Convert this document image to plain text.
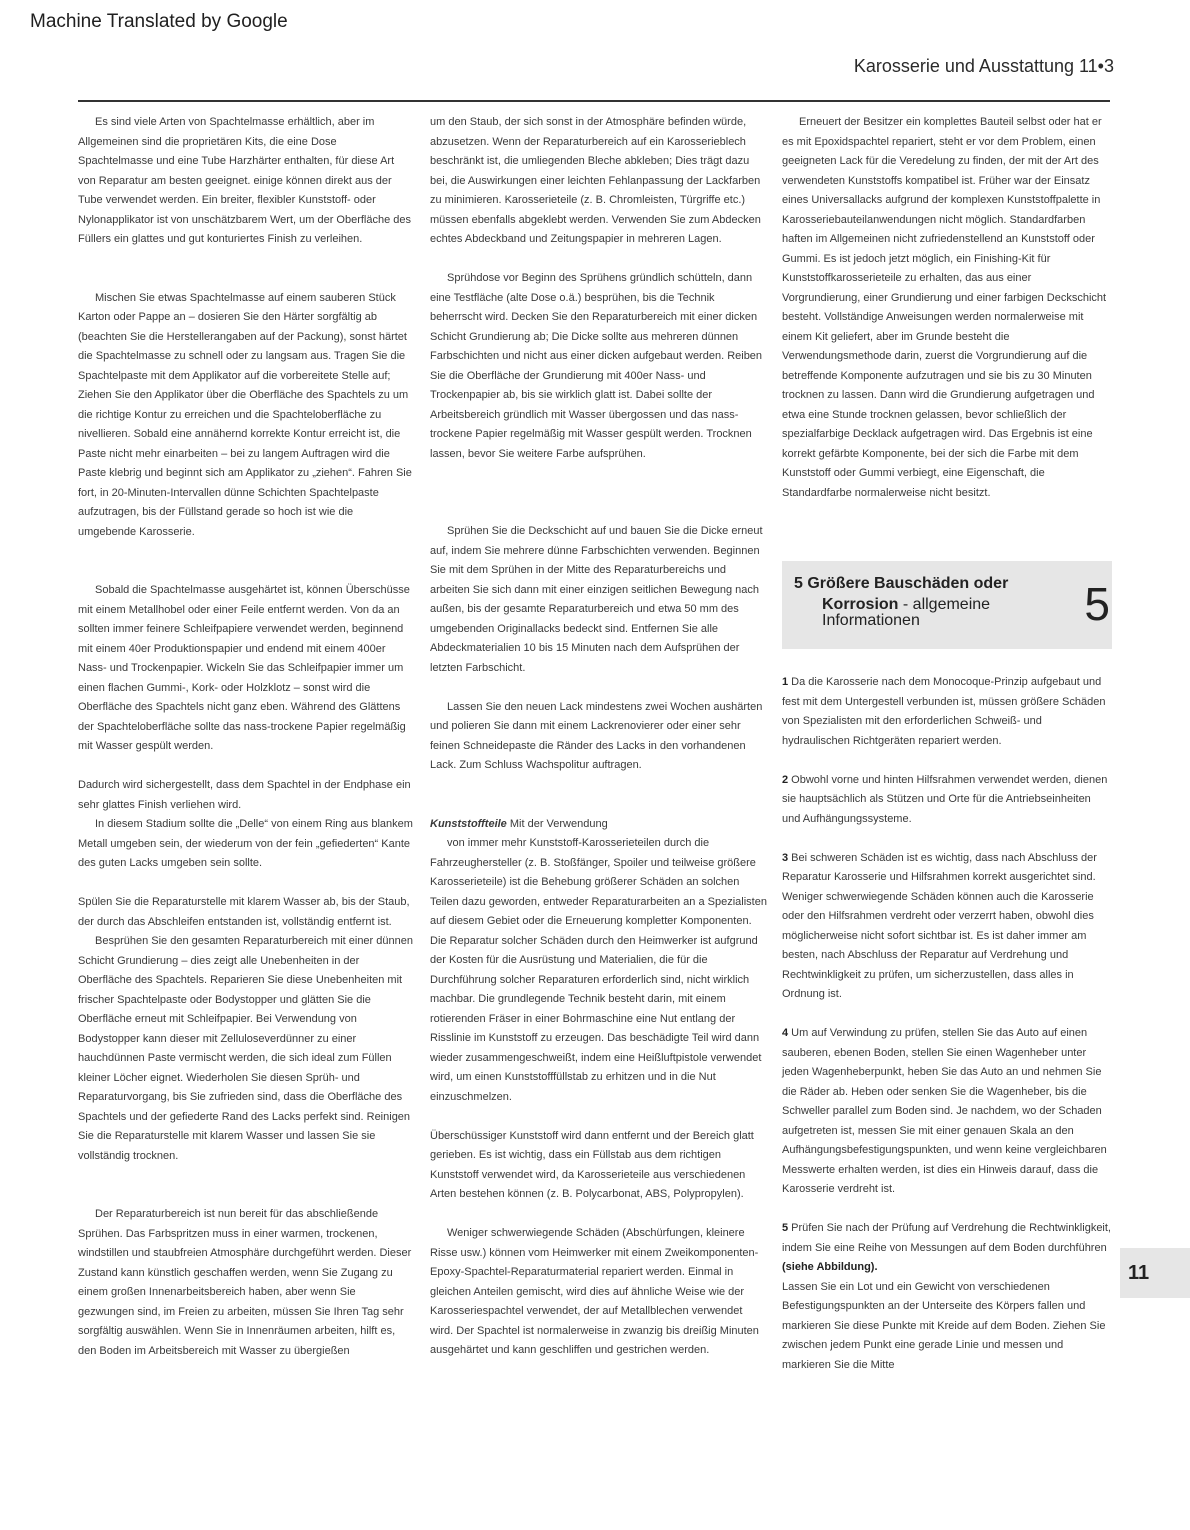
Machine Translated by Google
Karosserie und Ausstattung 11•3

Es sind viele Arten von Spachtelmasse erhältlich, aber im Allgemeinen sind die proprietären Kits, die eine Dose Spachtelmasse und eine Tube Harzhärter enthalten, für diese Art von Reparatur am besten geeignet. einige können direkt aus der Tube verwendet werden. Ein breiter, flexibler Kunststoff- oder Nylonapplikator ist von unschätzbarem Wert, um der Oberfläche des Füllers ein glattes und gut konturiertes Finish zu verleihen.

Mischen Sie etwas Spachtelmasse auf einem sauberen Stück Karton oder Pappe an – dosieren Sie den Härter sorgfältig ab (beachten Sie die Herstellerangaben auf der Packung), sonst härtet die Spachtelmasse zu schnell oder zu langsam aus. Tragen Sie die Spachtelpaste mit dem Applikator auf die vorbereitete Stelle auf; Ziehen Sie den Applikator über die Oberfläche des Spachtels zu um die richtige Kontur zu erreichen und die Spachteloberfläche zu nivellieren. Sobald eine annähernd korrekte Kontur erreicht ist, die Paste nicht mehr einarbeiten – bei zu langem Auftragen wird die Paste klebrig und beginnt sich am Applikator zu „ziehen“. Fahren Sie fort, in 20-Minuten-Intervallen dünne Schichten Spachtelpaste aufzutragen, bis der Füllstand gerade so hoch ist wie die umgebende Karosserie.

Sobald die Spachtelmasse ausgehärtet ist, können Überschüsse mit einem Metallhobel oder einer Feile entfernt werden. Von da an sollten immer feinere Schleifpapiere verwendet werden, beginnend mit einem 40er Produktionspapier und endend mit einem 400er Nass- und Trockenpapier. Wickeln Sie das Schleifpapier immer um einen flachen Gummi-, Kork- oder Holzklotz – sonst wird die Oberfläche des Spachtels nicht ganz eben. Während des Glättens der Spachteloberfläche sollte das nass-trockene Papier regelmäßig mit Wasser gespült werden.

Dadurch wird sichergestellt, dass dem Spachtel in der Endphase ein sehr glattes Finish verliehen wird.

In diesem Stadium sollte die „Delle“ von einem Ring aus blankem Metall umgeben sein, der wiederum von der fein „gefiederten“ Kante des guten Lacks umgeben sein sollte.

Spülen Sie die Reparaturstelle mit klarem Wasser ab, bis der Staub, der durch das Abschleifen entstanden ist, vollständig entfernt ist.

Besprühen Sie den gesamten Reparaturbereich mit einer dünnen Schicht Grundierung – dies zeigt alle Unebenheiten in der Oberfläche des Spachtels. Reparieren Sie diese Unebenheiten mit frischer Spachtelpaste oder Bodystopper und glätten Sie die Oberfläche erneut mit Schleifpapier. Bei Verwendung von Bodystopper kann dieser mit Zelluloseverdünner zu einer hauchdünnen Paste vermischt werden, die sich ideal zum Füllen kleiner Löcher eignet. Wiederholen Sie diesen Sprüh- und Reparaturvorgang, bis Sie zufrieden sind, dass die Oberfläche des Spachtels und der gefiederte Rand des Lacks perfekt sind. Reinigen Sie die Reparaturstelle mit klarem Wasser und lassen Sie sie vollständig trocknen.

Der Reparaturbereich ist nun bereit für das abschließende Sprühen. Das Farbspritzen muss in einer warmen, trockenen, windstillen und staubfreien Atmosphäre durchgeführt werden. Dieser Zustand kann künstlich geschaffen werden, wenn Sie Zugang zu einem großen Innenarbeitsbereich haben, aber wenn Sie gezwungen sind, im Freien zu arbeiten, müssen Sie Ihren Tag sehr sorgfältig auswählen. Wenn Sie in Innenräumen arbeiten, hilft es, den Boden im Arbeitsbereich mit Wasser zu übergießen

um den Staub, der sich sonst in der Atmosphäre befinden würde, abzusetzen. Wenn der Reparaturbereich auf ein Karosserieblech beschränkt ist, die umliegenden Bleche abkleben; Dies trägt dazu bei, die Auswirkungen einer leichten Fehlanpassung der Lackfarben zu minimieren. Karosserieteile (z. B. Chromleisten, Türgriffe etc.) müssen ebenfalls abgeklebt werden. Verwenden Sie zum Abdecken echtes Abdeckband und Zeitungspapier in mehreren Lagen.

Sprühdose vor Beginn des Sprühens gründlich schütteln, dann eine Testfläche (alte Dose o.ä.) besprühen, bis die Technik beherrscht wird. Decken Sie den Reparaturbereich mit einer dicken Schicht Grundierung ab; Die Dicke sollte aus mehreren dünnen Farbschichten und nicht aus einer dicken aufgebaut werden. Reiben Sie die Oberfläche der Grundierung mit 400er Nass- und Trockenpapier ab, bis sie wirklich glatt ist. Dabei sollte der Arbeitsbereich gründlich mit Wasser übergossen und das nass-trockene Papier regelmäßig mit Wasser gespült werden. Trocknen lassen, bevor Sie weitere Farbe aufsprühen.

Sprühen Sie die Deckschicht auf und bauen Sie die Dicke erneut auf, indem Sie mehrere dünne Farbschichten verwenden. Beginnen Sie mit dem Sprühen in der Mitte des Reparaturbereichs und arbeiten Sie sich dann mit einer einzigen seitlichen Bewegung nach außen, bis der gesamte Reparaturbereich und etwa 50 mm des umgebenden Originallacks bedeckt sind. Entfernen Sie alle Abdeckmaterialien 10 bis 15 Minuten nach dem Aufsprühen der letzten Farbschicht.

Lassen Sie den neuen Lack mindestens zwei Wochen aushärten und polieren Sie dann mit einem Lackrenovierer oder einer sehr feinen Schneidepaste die Ränder des Lacks in den vorhandenen Lack. Zum Schluss Wachspolitur auftragen.

Kunststoffteile Mit der Verwendung

von immer mehr Kunststoff-Karosserieteilen durch die Fahrzeughersteller (z. B. Stoßfänger, Spoiler und teilweise größere Karosserieteile) ist die Behebung größerer Schäden an solchen Teilen dazu geworden, entweder Reparaturarbeiten an a Spezialisten auf diesem Gebiet oder die Erneuerung kompletter Komponenten. Die Reparatur solcher Schäden durch den Heimwerker ist aufgrund der Kosten für die Ausrüstung und Materialien, die für die Durchführung solcher Reparaturen erforderlich sind, nicht wirklich machbar. Die grundlegende Technik besteht darin, mit einem rotierenden Fräser in einer Bohrmaschine eine Nut entlang der Risslinie im Kunststoff zu erzeugen. Das beschädigte Teil wird dann wieder zusammengeschweißt, indem eine Heißluftpistole verwendet wird, um einen Kunststofffüllstab zu erhitzen und in die Nut einzuschmelzen.

Überschüssiger Kunststoff wird dann entfernt und der Bereich glatt gerieben. Es ist wichtig, dass ein Füllstab aus dem richtigen Kunststoff verwendet wird, da Karosserieteile aus verschiedenen Arten bestehen können (z. B. Polycarbonat, ABS, Polypropylen).

Weniger schwerwiegende Schäden (Abschürfungen, kleinere Risse usw.) können vom Heimwerker mit einem Zweikomponenten-Epoxy-Spachtel-Reparaturmaterial repariert werden. Einmal in gleichen Anteilen gemischt, wird dies auf ähnliche Weise wie der Karosseriespachtel verwendet, der auf Metallblechen verwendet wird. Der Spachtel ist normalerweise in zwanzig bis dreißig Minuten ausgehärtet und kann geschliffen und gestrichen werden.

Erneuert der Besitzer ein komplettes Bauteil selbst oder hat er es mit Epoxidspachtel repariert, steht er vor dem Problem, einen geeigneten Lack für die Veredelung zu finden, der mit der Art des verwendeten Kunststoffs kompatibel ist. Früher war der Einsatz eines Universallacks aufgrund der komplexen Kunststoffpalette in Karosseriebauteilanwendungen nicht möglich. Standardfarben haften im Allgemeinen nicht zufriedenstellend an Kunststoff oder Gummi. Es ist jedoch jetzt möglich, ein Finishing-Kit für Kunststoffkarosserieteile zu erhalten, das aus einer Vorgrundierung, einer Grundierung und einer farbigen Deckschicht besteht. Vollständige Anweisungen werden normalerweise mit einem Kit geliefert, aber im Grunde besteht die Verwendungsmethode darin, zuerst die Vorgrundierung auf die betreffende Komponente aufzutragen und sie bis zu 30 Minuten trocknen zu lassen. Dann wird die Grundierung aufgetragen und etwa eine Stunde trocknen gelassen, bevor schließlich der spezialfarbige Decklack aufgetragen wird. Das Ergebnis ist eine korrekt gefärbte Komponente, bei der sich die Farbe mit dem Kunststoff oder Gummi verbiegt, eine Eigenschaft, die Standardfarbe normalerweise nicht besitzt.

5 Größere Bauschäden oder
Korrosion - allgemeine
Informationen	5

1 Da die Karosserie nach dem Monocoque-Prinzip aufgebaut und fest mit dem Untergestell verbunden ist, müssen größere Schäden von Spezialisten mit den erforderlichen Schweiß- und hydraulischen Richtgeräten repariert werden.

2 Obwohl vorne und hinten Hilfsrahmen verwendet werden, dienen sie hauptsächlich als Stützen und Orte für die Antriebseinheiten und Aufhängungssysteme.

3 Bei schweren Schäden ist es wichtig, dass nach Abschluss der Reparatur Karosserie und Hilfsrahmen korrekt ausgerichtet sind. Weniger schwerwiegende Schäden können auch die Karosserie oder den Hilfsrahmen verdreht oder verzerrt haben, obwohl dies möglicherweise nicht sofort sichtbar ist. Es ist daher immer am besten, nach Abschluss der Reparatur auf Verdrehung und Rechtwinkligkeit zu prüfen, um sicherzustellen, dass alles in Ordnung ist.

4 Um auf Verwindung zu prüfen, stellen Sie das Auto auf einen sauberen, ebenen Boden, stellen Sie einen Wagenheber unter jeden Wagenheberpunkt, heben Sie das Auto an und nehmen Sie die Räder ab. Heben oder senken Sie die Wagenheber, bis die Schweller parallel zum Boden sind. Je nachdem, wo der Schaden aufgetreten ist, messen Sie mit einer genauen Skala an den Aufhängungsbefestigungspunkten, und wenn keine vergleichbaren Messwerte erhalten werden, ist dies ein Hinweis darauf, dass die Karosserie verdreht ist.

5 Prüfen Sie nach der Prüfung auf Verdrehung die Rechtwinkligkeit, indem Sie eine Reihe von Messungen auf dem Boden durchführen (siehe Abbildung).

Lassen Sie ein Lot und ein Gewicht von verschiedenen Befestigungspunkten an der Unterseite des Körpers fallen und markieren Sie diese Punkte mit Kreide auf dem Boden. Ziehen Sie zwischen jedem Punkt eine gerade Linie und messen und markieren Sie die Mitte

11
